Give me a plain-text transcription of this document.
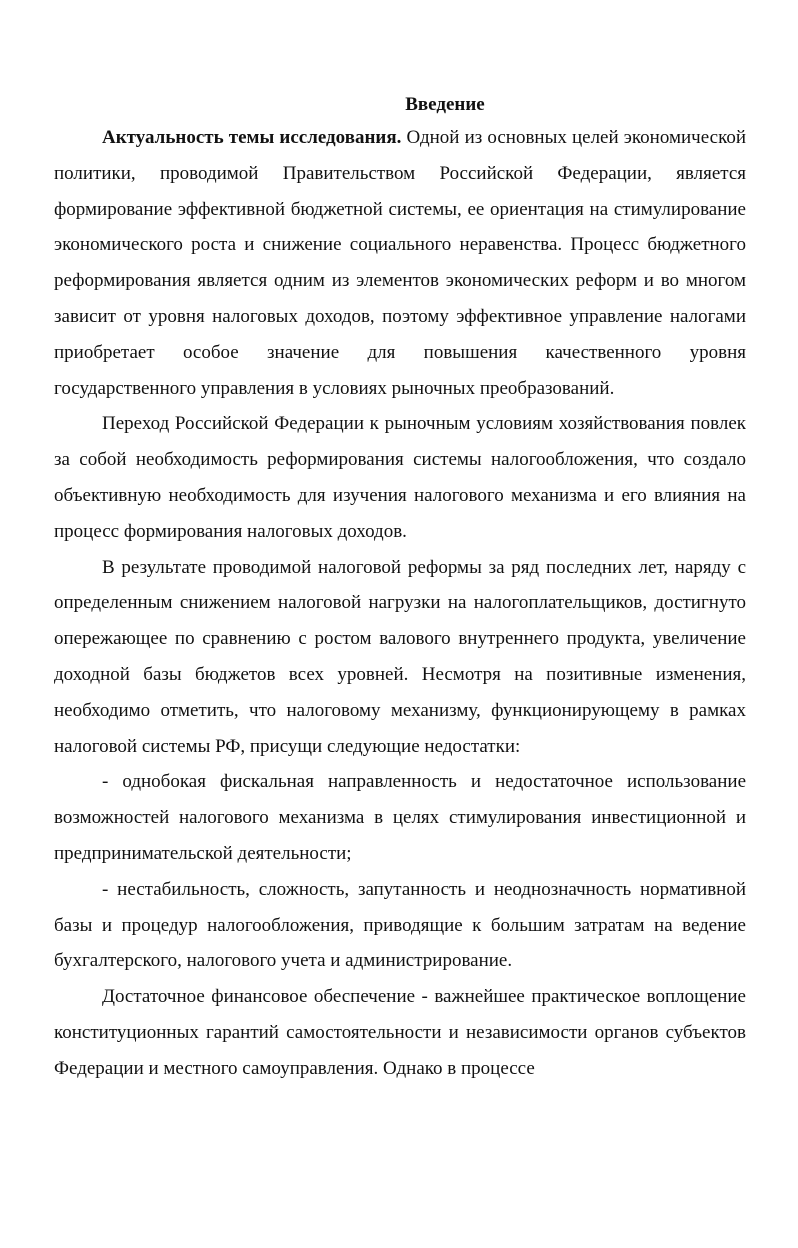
Введение

Актуальность темы исследования. Одной из основных целей экономической политики, проводимой Правительством Российской Федерации, является формирование эффективной бюджетной системы, ее ориентация на стимулирование экономического роста и снижение социального неравенства. Процесс бюджетного реформирования является одним из элементов экономических реформ и во многом зависит от уровня налоговых доходов, поэтому эффективное управление налогами приобретает особое значение для повышения качественного уровня государственного управления в условиях рыночных преобразований.

Переход Российской Федерации к рыночным условиям хозяйствования повлек за собой необходимость реформирования системы налогообложения, что создало объективную необходимость для изучения налогового механизма и его влияния на процесс формирования налоговых доходов.

В результате проводимой налоговой реформы за ряд последних лет, наряду с определенным снижением налоговой нагрузки на налогоплательщиков, достигнуто опережающее по сравнению с ростом валового внутреннего продукта, увеличение доходной базы бюджетов всех уровней. Несмотря на позитивные изменения, необходимо отметить, что налоговому механизму, функционирующему в рамках налоговой системы РФ, присущи следующие недостатки:

- однобокая фискальная направленность и недостаточное использование возможностей налогового механизма в целях стимулирования инвестиционной и предпринимательской деятельности;

- нестабильность, сложность, запутанность и неоднозначность нормативной базы и процедур налогообложения, приводящие к большим затратам на ведение бухгалтерского, налогового учета и администрирование.

Достаточное финансовое обеспечение - важнейшее практическое воплощение конституционных гарантий самостоятельности и независимости органов субъектов Федерации и местного самоуправления. Однако в процессе
